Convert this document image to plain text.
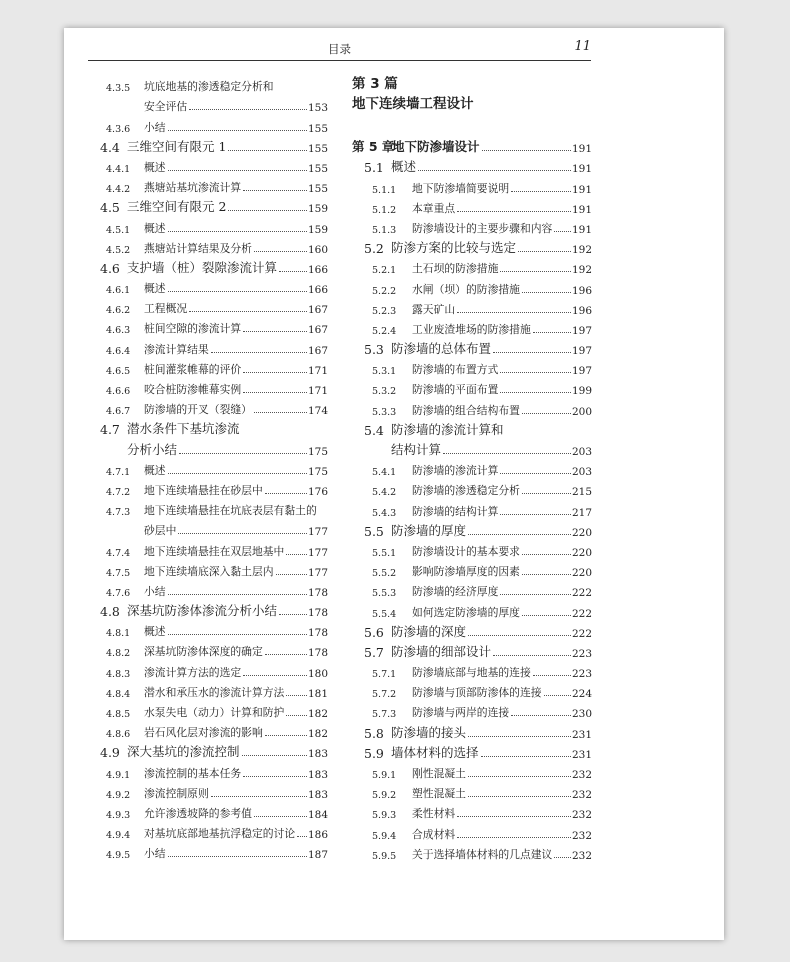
目录	11
4.3.5	坑底地基的渗透稳定分析和
安全评估	153
4.3.6	小结	155
4.4 三维空间有限元 1	155
4.4.1	概述	155
4.4.2	燕塘站基坑渗流计算	155
4.5 三维空间有限元 2	159
4.5.1	概述	159
4.5.2	燕塘站计算结果及分析	160
4.6 支护墙（桩）裂隙渗流计算	166
4.6.1	概述	166
4.6.2	工程概况	167
4.6.3	桩间空隙的渗流计算	167
4.6.4	渗流计算结果	167
4.6.5	桩间灌浆帷幕的评价	171
4.6.6	咬合桩防渗帷幕实例	171
4.6.7	防渗墙的开叉（裂缝）	174
4.7 潜水条件下基坑渗流
分析小结	175
4.7.1	概述	175
4.7.2	地下连续墙悬挂在砂层中	176
4.7.3	地下连续墙悬挂在坑底表层有黏土的
砂层中	177
4.7.4	地下连续墙悬挂在双层地基中 177
4.7.5	地下连续墙底深入黏土层内	177
4.7.6	小结	178
4.8 深基坑防渗体渗流分析小结	178
4.8.1	概述	178
4.8.2	深基坑防渗体深度的确定	178
4.8.3	渗流计算方法的选定	180
4.8.4	潜水和承压水的渗流计算方法 181
4.8.5	水泵失电（动力）计算和防护 182
4.8.6	岩石风化层对渗流的影响	182
4.9 深大基坑的渗流控制	183
4.9.1	渗流控制的基本任务	183
4.9.2	渗流控制原则	183
4.9.3	允许渗透坡降的参考值	184
4.9.4	对基坑底部地基抗浮稳定的讨论 186
4.9.5	小结	187
第 3 篇
地下连续墙工程设计
第 5 章
地下防渗墙设计	191
5.1 概述	191
5.1.1	地下防渗墙简要说明	191
5.1.2	本章重点	191
5.1.3	防渗墙设计的主要步骤和内容 191
5.2 防渗方案的比较与选定	192
5.2.1	土石坝的防渗措施	192
5.2.2	水闸（坝）的防渗措施	196
5.2.3	露天矿山	196
5.2.4	工业废渣堆场的防渗措施	197
5.3 防渗墙的总体布置	197
5.3.1	防渗墙的布置方式	197
5.3.2	防渗墙的平面布置	199
5.3.3	防渗墙的组合结构布置	200
5.4 防渗墙的渗流计算和
结构计算	203
5.4.1	防渗墙的渗流计算	203
5.4.2	防渗墙的渗透稳定分析	215
5.4.3	防渗墙的结构计算	217
5.5 防渗墙的厚度	220
5.5.1	防渗墙设计的基本要求	220
5.5.2	影响防渗墙厚度的因素	220
5.5.3	防渗墙的经济厚度	222
5.5.4	如何选定防渗墙的厚度	222
5.6 防渗墙的深度	222
5.7 防渗墙的细部设计	223
5.7.1	防渗墙底部与地基的连接	223
5.7.2	防渗墙与顶部防渗体的连接	224
5.7.3	防渗墙与两岸的连接	230
5.8 防渗墙的接头	231
5.9 墙体材料的选择	231
5.9.1	刚性混凝土	232
5.9.2	塑性混凝土	232
5.9.3	柔性材料	232
5.9.4	合成材料	232
5.9.5	关于选择墙体材料的几点建议 232
